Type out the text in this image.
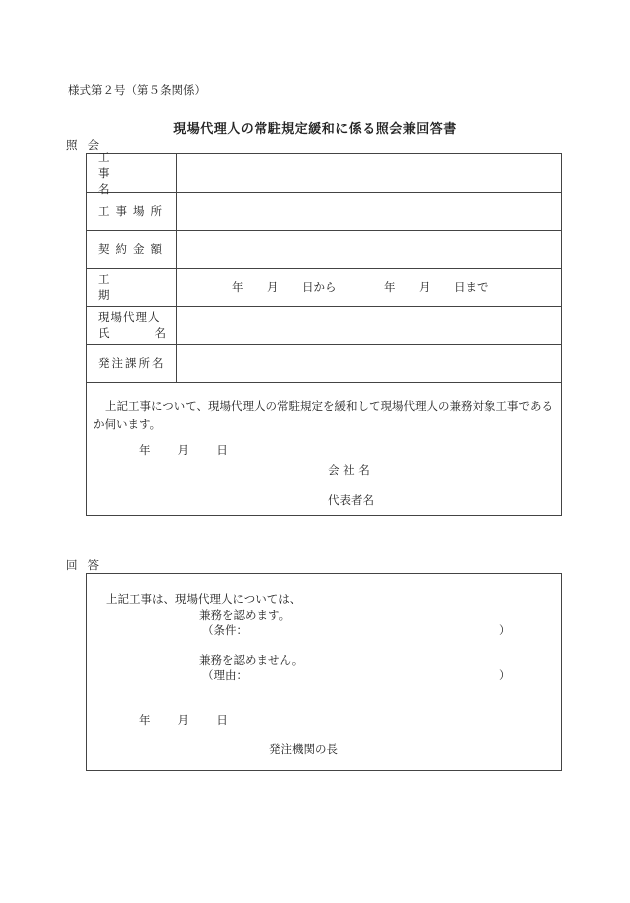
様式第２号（第５条関係）
現場代理人の常駐規定緩和に係る照会兼回答書
照会
工事名
工事場所
契約金額
工期
年	月	日から	年	月	日まで
現場代理人
氏	名
発注課所名
上記工事について、現場代理人の常駐規定を緩和して現場代理人の兼務対象工事であるか伺います。
年 月 日
会 社 名
代表者名
回答
上記工事は、現場代理人については、
兼務を認めます。
（条件：	）
兼務を認めません。
（理由：	）
年 月 日
発注機関の長
